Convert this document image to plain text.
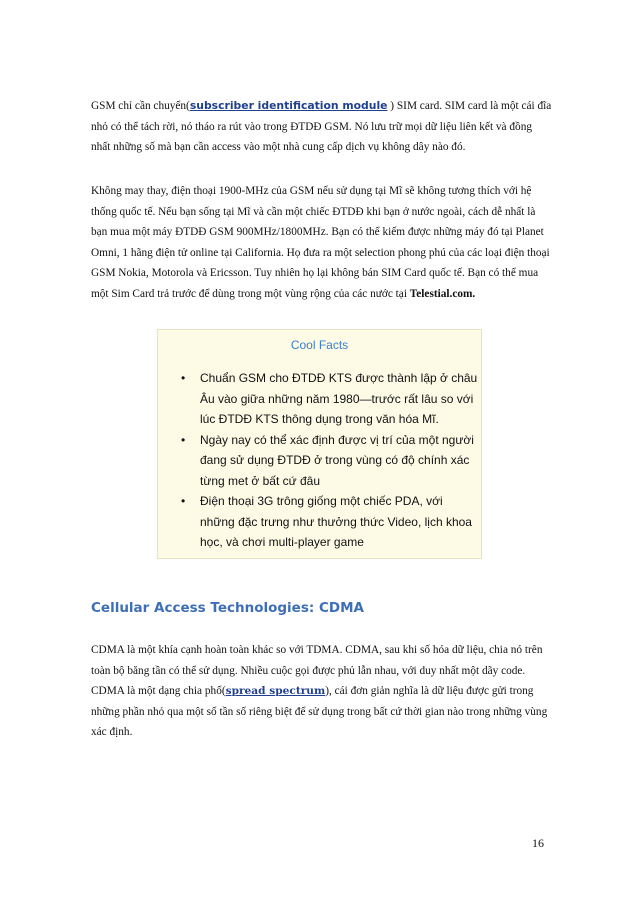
GSM chỉ cần chuyển(subscriber identification module ) SIM card. SIM card là một cái đĩa nhỏ có thể tách rời, nó tháo ra rút vào trong ĐTDĐ GSM. Nó lưu trữ mọi dữ liệu liên kết và đồng nhất những số mà bạn cần access vào một nhà cung cấp dịch vụ không dây nào đó.

Không may thay, điện thoại 1900-MHz của GSM nếu sử dụng tại Mĩ sẽ không tương thích với hệ thống quốc tế. Nếu bạn sống tại Mĩ và cần một chiếc ĐTDĐ khi bạn ở nước ngoài, cách dễ nhất là bạn mua một máy ĐTDĐ GSM 900MHz/1800MHz. Bạn có thể kiếm được những máy đó tại Planet Omni, 1 hãng điện tử online tại California. Họ đưa ra một selection phong phú của các loại điện thoại GSM Nokia, Motorola và Ericsson. Tuy nhiên họ lại không bán SIM Card quốc tế. Bạn có thể mua một Sim Card trả trước để dùng trong một vùng rộng của các nước tại Telestial.com.

Cool Facts
• Chuẩn GSM cho ĐTDĐ KTS được thành lập ở châu Âu vào giữa những năm 1980—trước rất lâu so với lúc ĐTDĐ KTS thông dụng trong văn hóa Mĩ.
• Ngày nay có thể xác định được vị trí của một người đang sử dụng ĐTDĐ ở trong vùng có độ chính xác từng met ở bất cứ đâu
• Điện thoại 3G trông giống một chiếc PDA, với những đặc trưng như thưởng thức Video, lịch khoa học, và chơi multi-player game
Cellular Access Technologies: CDMA

CDMA là một khía cạnh hoàn toàn khác so với TDMA. CDMA, sau khi số hóa dữ liệu, chia nó trên toàn bộ băng tần có thể sử dụng. Nhiều cuộc gọi được phủ lẫn nhau, với duy nhất một dãy code. CDMA là một dạng chia phổ(spread spectrum), cái đơn giản nghĩa là dữ liệu được gửi trong những phần nhỏ qua một số tần số riêng biệt để sử dụng trong bất cứ thời gian nào trong những vùng xác định.

16
